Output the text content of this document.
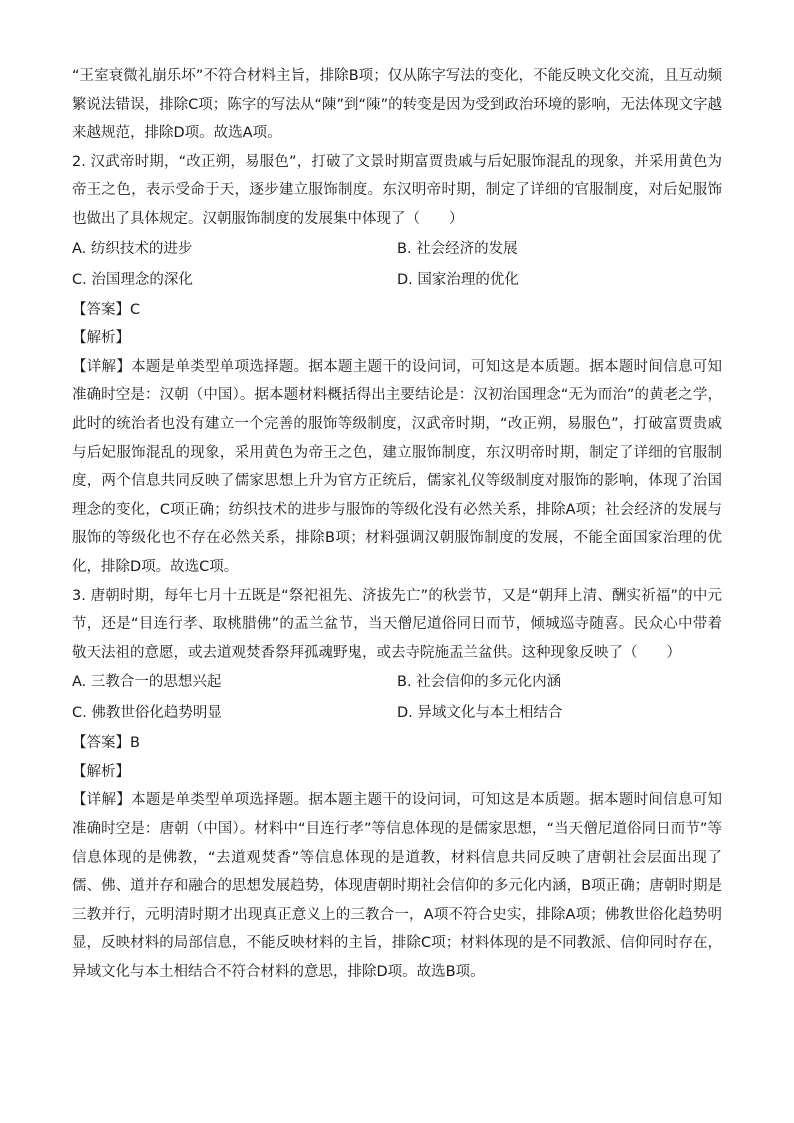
“王室衰微礼崩乐坏”不符合材料主旨，排除B项；仅从陈字写法的变化，不能反映文化交流，且互动频繁说法错误，排除C项；陈字的写法从“陳”到“𨻰”的转变是因为受到政治环境的影响，无法体现文字越来越规范，排除D项。故选A项。

2. 汉武帝时期，“改正朔，易服色”，打破了文景时期富贾贵戚与后妃服饰混乱的现象，并采用黄色为帝王之色，表示受命于天，逐步建立服饰制度。东汉明帝时期，制定了详细的官服制度，对后妃服饰也做出了具体规定。汉朝服饰制度的发展集中体现了（　　）

A. 纺织技术的进步	B. 社会经济的发展
C. 治国理念的深化	D. 国家治理的优化

【答案】C

【解析】

【详解】本题是单类型单项选择题。据本题主题干的设问词，可知这是本质题。据本题时间信息可知准确时空是：汉朝（中国）。据本题材料概括得出主要结论是：汉初治国理念“无为而治”的黄老之学，此时的统治者也没有建立一个完善的服饰等级制度，汉武帝时期，“改正朔，易服色”，打破富贾贵戚与后妃服饰混乱的现象，采用黄色为帝王之色，建立服饰制度，东汉明帝时期，制定了详细的官服制度，两个信息共同反映了儒家思想上升为官方正统后，儒家礼仪等级制度对服饰的影响，体现了治国理念的变化，C项正确；纺织技术的进步与服饰的等级化没有必然关系，排除A项；社会经济的发展与服饰的等级化也不存在必然关系，排除B项；材料强调汉朝服饰制度的发展，不能全面国家治理的优化，排除D项。故选C项。

3. 唐朝时期，每年七月十五既是“祭祀祖先、济拔先亡”的秋尝节，又是“朝拜上清、酬实祈福”的中元节，还是“目连行孝、取桃腊佛”的盂兰盆节，当天僧尼道俗同日而节，倾城巡寺随喜。民众心中带着敬天法祖的意愿，或去道观焚香祭拜孤魂野鬼，或去寺院施盂兰盆供。这种现象反映了（　　）

A. 三教合一的思想兴起	B. 社会信仰的多元化内涵
C. 佛教世俗化趋势明显	D. 异域文化与本土相结合

【答案】B

【解析】

【详解】本题是单类型单项选择题。据本题主题干的设问词，可知这是本质题。据本题时间信息可知准确时空是：唐朝（中国）。材料中“目连行孝”等信息体现的是儒家思想，“当天僧尼道俗同日而节”等信息体现的是佛教，“去道观焚香”等信息体现的是道教，材料信息共同反映了唐朝社会层面出现了儒、佛、道并存和融合的思想发展趋势，体现唐朝时期社会信仰的多元化内涵，B项正确；唐朝时期是三教并行，元明清时期才出现真正意义上的三教合一，A项不符合史实，排除A项；佛教世俗化趋势明显，反映材料的局部信息，不能反映材料的主旨，排除C项；材料体现的是不同教派、信仰同时存在，异域文化与本土相结合不符合材料的意思，排除D项。故选B项。
